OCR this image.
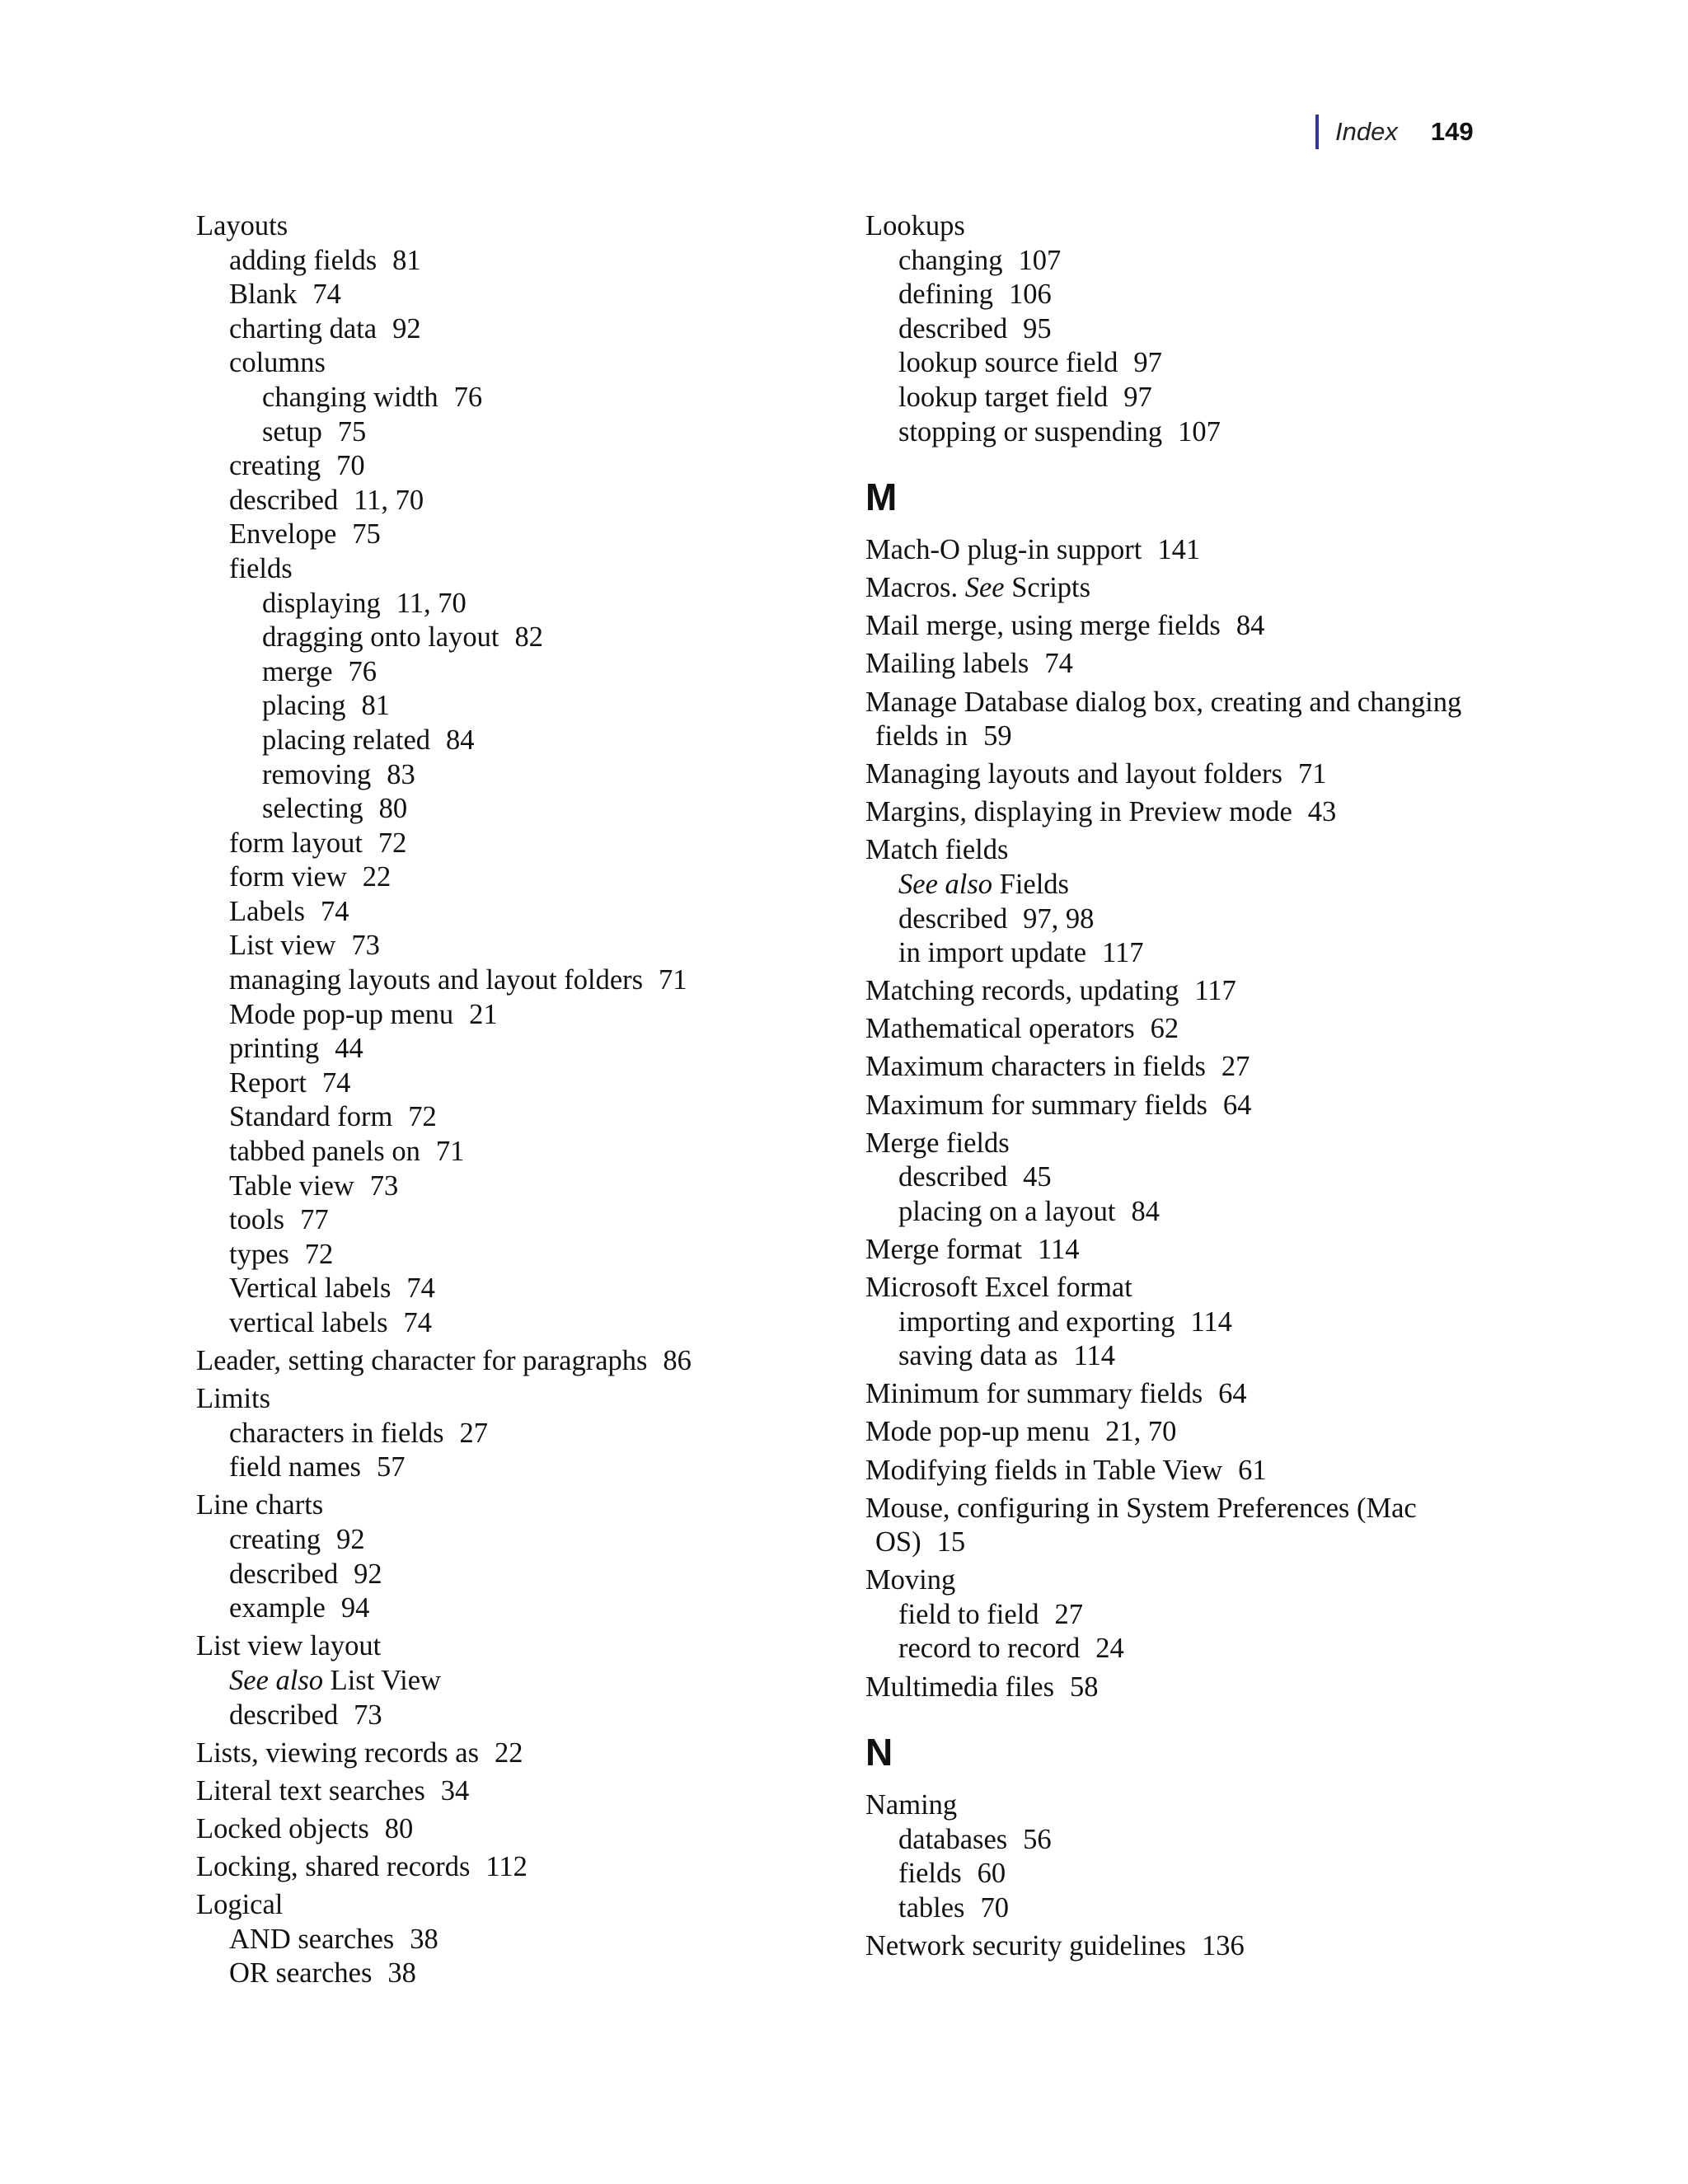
Index 149
Layouts
adding fields 81
Blank 74
charting data 92
columns
changing width 76
setup 75
creating 70
described 11, 70
Envelope 75
fields
displaying 11, 70
dragging onto layout 82
merge 76
placing 81
placing related 84
removing 83
selecting 80
form layout 72
form view 22
Labels 74
List view 73
managing layouts and layout folders 71
Mode pop-up menu 21
printing 44
Report 74
Standard form 72
tabbed panels on 71
Table view 73
tools 77
types 72
Vertical labels 74
vertical labels 74
Leader, setting character for paragraphs 86
Limits
characters in fields 27
field names 57
Line charts
creating 92
described 92
example 94
List view layout
See also List View
described 73
Lists, viewing records as 22
Literal text searches 34
Locked objects 80
Locking, shared records 112
Logical
AND searches 38
OR searches 38
Lookups
changing 107
defining 106
described 95
lookup source field 97
lookup target field 97
stopping or suspending 107
M
Mach-O plug-in support 141
Macros. See Scripts
Mail merge, using merge fields 84
Mailing labels 74
Manage Database dialog box, creating and changing fields in 59
Managing layouts and layout folders 71
Margins, displaying in Preview mode 43
Match fields
See also Fields
described 97, 98
in import update 117
Matching records, updating 117
Mathematical operators 62
Maximum characters in fields 27
Maximum for summary fields 64
Merge fields
described 45
placing on a layout 84
Merge format 114
Microsoft Excel format
importing and exporting 114
saving data as 114
Minimum for summary fields 64
Mode pop-up menu 21, 70
Modifying fields in Table View 61
Mouse, configuring in System Preferences (Mac OS) 15
Moving
field to field 27
record to record 24
Multimedia files 58
N
Naming
databases 56
fields 60
tables 70
Network security guidelines 136
